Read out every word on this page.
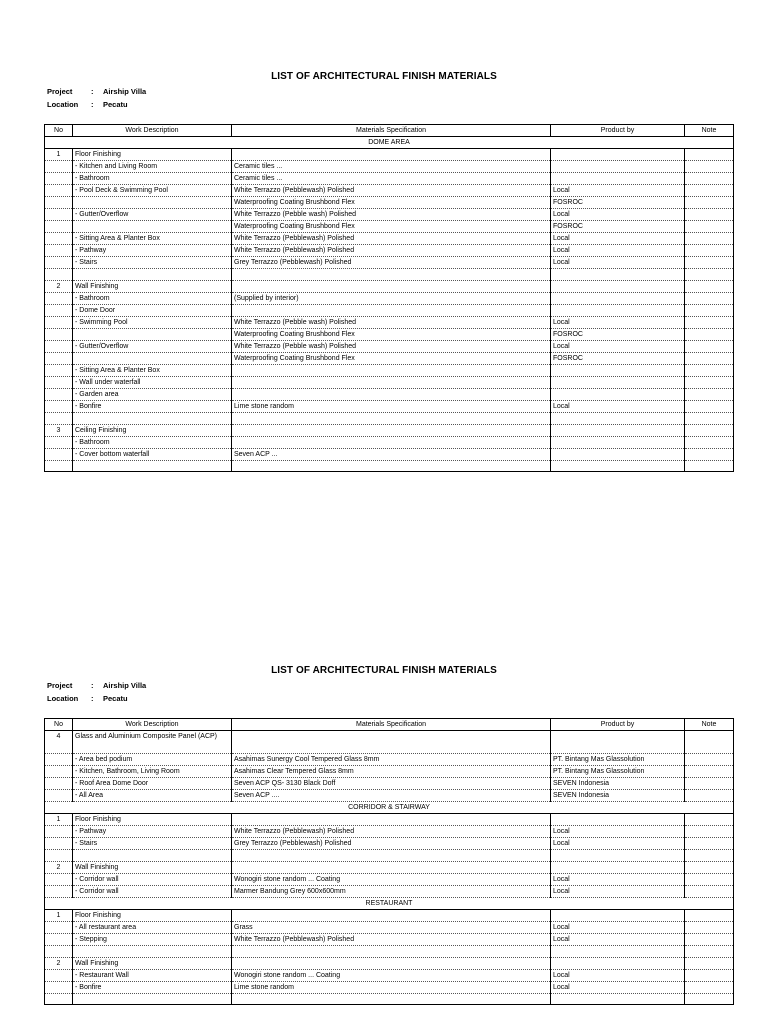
LIST OF ARCHITECTURAL FINISH MATERIALS
Project : Airship Villa
Location : Pecatu
No	Work Description	Materials Specification	Product by	Note
DOME AREA				
1	Floor Finishing			
	- Kitchen and Living Room	Ceramic tiles ...		
	- Bathroom	Ceramic tiles ...		
	- Pool Deck & Swimming Pool	White Terrazzo (Pebblewash) Polished	Local	
		Waterproofing Coating Brushbond Flex	FOSROC	
	- Gutter/Overflow	White Terrazzo (Pebble wash) Polished	Local	
		Waterproofing Coating Brushbond Flex	FOSROC	
	- Sitting Area & Planter Box	White Terrazzo (Pebblewash) Polished	Local	
	- Pathway	White Terrazzo (Pebblewash) Polished	Local	
	- Stairs	Grey Terrazzo (Pebblewash) Polished	Local	

2	Wall Finishing			
	- Bathroom	(Supplied by interior)		
	- Dome Door			
	- Swimming Pool	White Terrazzo (Pebble wash) Polished	Local	
		Waterproofing Coating Brushbond Flex	FOSROC	
	- Gutter/Overflow	White Terrazzo (Pebble wash) Polished	Local	
		Waterproofing Coating Brushbond Flex	FOSROC	
	- Sitting Area & Planter Box			
	- Wall under waterfall			
	- Garden area			
	- Bonfire	Lime stone random	Local	

3	Ceiling Finishing			
	- Bathroom			
	- Cover bottom waterfall	Seven ACP ...		

LIST OF ARCHITECTURAL FINISH MATERIALS
Project : Airship Villa
Location : Pecatu
No	Work Description	Materials Specification	Product by	Note
4	Glass and Aluminium Composite Panel (ACP)			
	- Area bed podium	Asahimas Sunergy Cool Tempered Glass 8mm	PT. Bintang Mas Glassolution	
	- Kitchen, Bathroom, Living Room	Asahimas Clear Tempered Glass 8mm	PT. Bintang Mas Glassolution	
	- Roof Area Dome Door	Seven ACP QS- 3130 Black Doff	SEVEN Indonesia	
	- All Area	Seven ACP ....	SEVEN Indonesia	
CORRIDOR & STAIRWAY				
1	Floor Finishing			
	- Pathway	White Terrazzo (Pebblewash) Polished	Local	
	- Stairs	Grey Terrazzo (Pebblewash) Polished	Local	

2	Wall Finishing			
	- Corridor wall	Wonogiri stone random ... Coating	Local	
	- Corridor wall	Marmer Bandung Grey 600x600mm	Local	
RESTAURANT				
1	Floor Finishing			
	- All restaurant area	Grass	Local	
	- Stepping	White Terrazzo (Pebblewash) Polished	Local	

2	Wall Finishing			
	- Restaurant Wall	Wonogiri stone random ... Coating	Local	
	- Bonfire	Lime stone random	Local	
